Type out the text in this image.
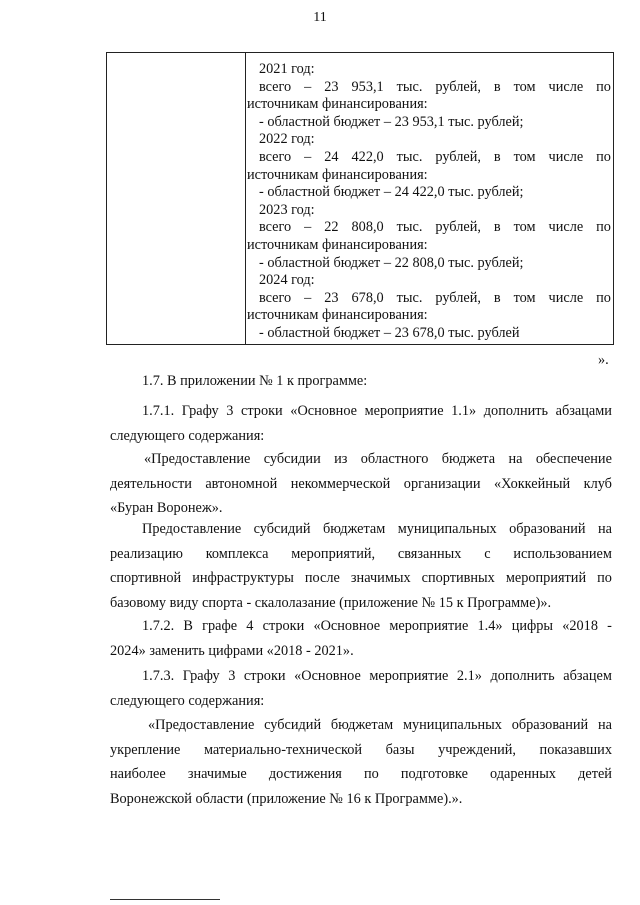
11
2021 год:
всего – 23 953,1 тыс. рублей, в том числе по
источникам финансирования:
- областной бюджет – 23 953,1 тыс. рублей;
2022 год:
всего – 24 422,0 тыс. рублей, в том числе по
источникам финансирования:
- областной бюджет – 24 422,0 тыс. рублей;
2023 год:
всего – 22 808,0 тыс. рублей, в том числе по
источникам финансирования:
- областной бюджет – 22 808,0 тыс. рублей;
2024 год:
всего – 23 678,0 тыс. рублей, в том числе по
источникам финансирования:
- областной бюджет – 23 678,0 тыс. рублей
».
1.7. В приложении № 1 к программе:
1.7.1. Графу 3 строки «Основное мероприятие 1.1» дополнить абзацами
следующего содержания:
«Предоставление субсидии из областного бюджета на обеспечение
деятельности автономной некоммерческой организации «Хоккейный клуб
«Буран Воронеж».
Предоставление субсидий бюджетам муниципальных образований на
реализацию комплекса мероприятий, связанных с использованием
спортивной инфраструктуры после значимых спортивных мероприятий по
базовому виду спорта - скалолазание (приложение № 15 к Программе)».
1.7.2. В графе 4 строки «Основное мероприятие 1.4» цифры «2018 -
2024» заменить цифрами «2018 - 2021».
1.7.3. Графу 3 строки «Основное мероприятие 2.1» дополнить абзацем
следующего содержания:
«Предоставление субсидий бюджетам муниципальных образований на
укрепление материально-технической базы учреждений, показавших
наиболее значимые достижения по подготовке одаренных детей
Воронежской области (приложение № 16 к Программе).».
